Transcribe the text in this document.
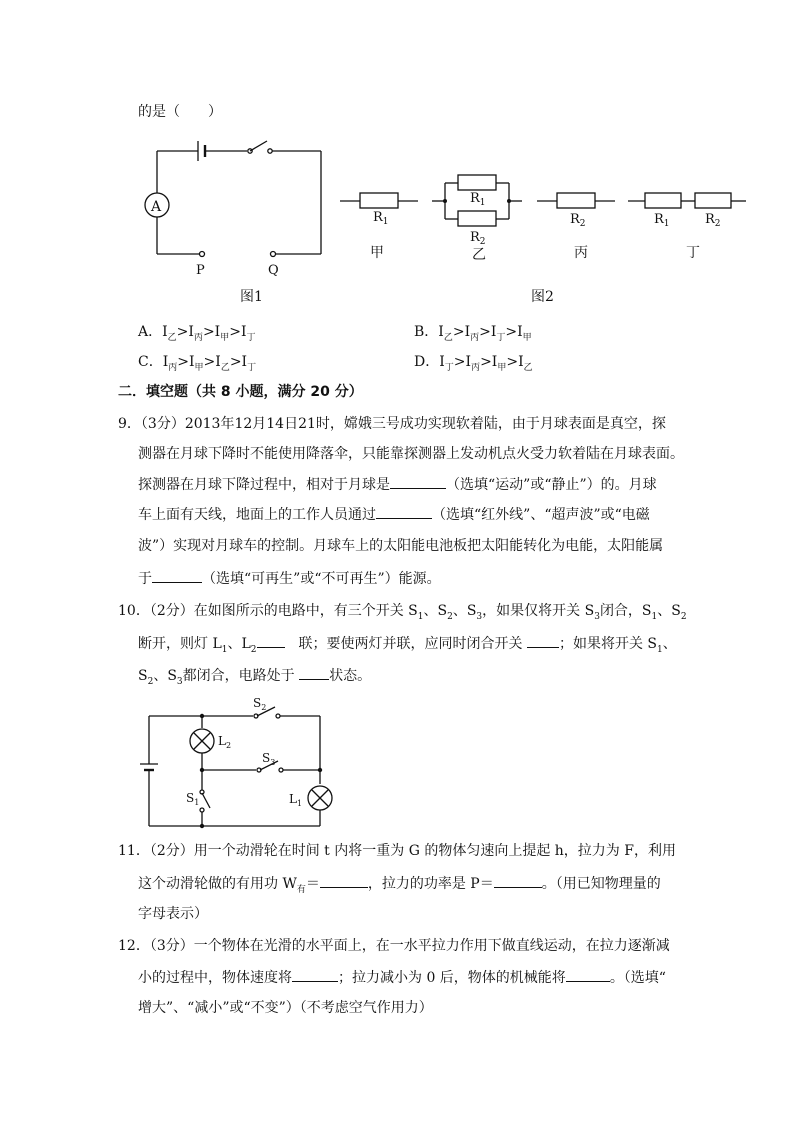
的是（　　）
A
P	Q
图1
$R_1$
$R_1$
$R_2$
$R_2$	$R_1$	$R_2$
甲	乙	丙	丁
图2
A．$I_乙>I_丙>I_甲>I_丁$	B．$I_乙>I_丙>I_丁>I_甲$
C．$I_丙>I_甲>I_乙>I_丁$	D．$I_丁>I_丙>I_甲>I_乙$
二．填空题（共 8 小题，满分 20 分）
9．（3分）2013年12月14日21时，嫦娥三号成功实现软着陆，由于月球表面是真空，探
测器在月球下降时不能使用降落伞，只能靠探测器上发动机点火受力软着陆在月球表面。
探测器在月球下降过程中，相对于月球是	（选填“运动”或“静止”）的。月球
车上面有天线，地面上的工作人员通过	（选填“红外线”、“超声波”或“电磁
波”）实现对月球车的控制。月球车上的太阳能电池板把太阳能转化为电能，太阳能属
于	（选填“可再生”或“不可再生”）能源。
10．（2分）在如图所示的电路中，有三个开关 $S_1$、$S_2$、$S_3$，如果仅将开关 $S_3$闭合，$S_1$、$S_2$
断开，则灯 $L_1$、$L_2$　	联；要使两灯并联，应同时闭合开关	；如果将开关 $S_1$、
$S_2$、$S_3$都闭合，电路处于 状态。
$S_2$
$S_3$
$S_1$
$L_2$
$L_1$
11．（2分）用一个动滑轮在时间 t 内将一重为 G 的物体匀速向上提起 h，拉力为 F，利用
这个动滑轮做的有用功 $W_有=$	，拉力的功率是 P＝	。（用已知物理量的
字母表示）
12．（3分）一个物体在光滑的水平面上，在一水平拉力作用下做直线运动，在拉力逐渐减
小的过程中，物体速度将	；拉力减小为 0 后，物体的机械能将	。（选填“
增大”、“减小”或“不变”）（不考虑空气作用力）
